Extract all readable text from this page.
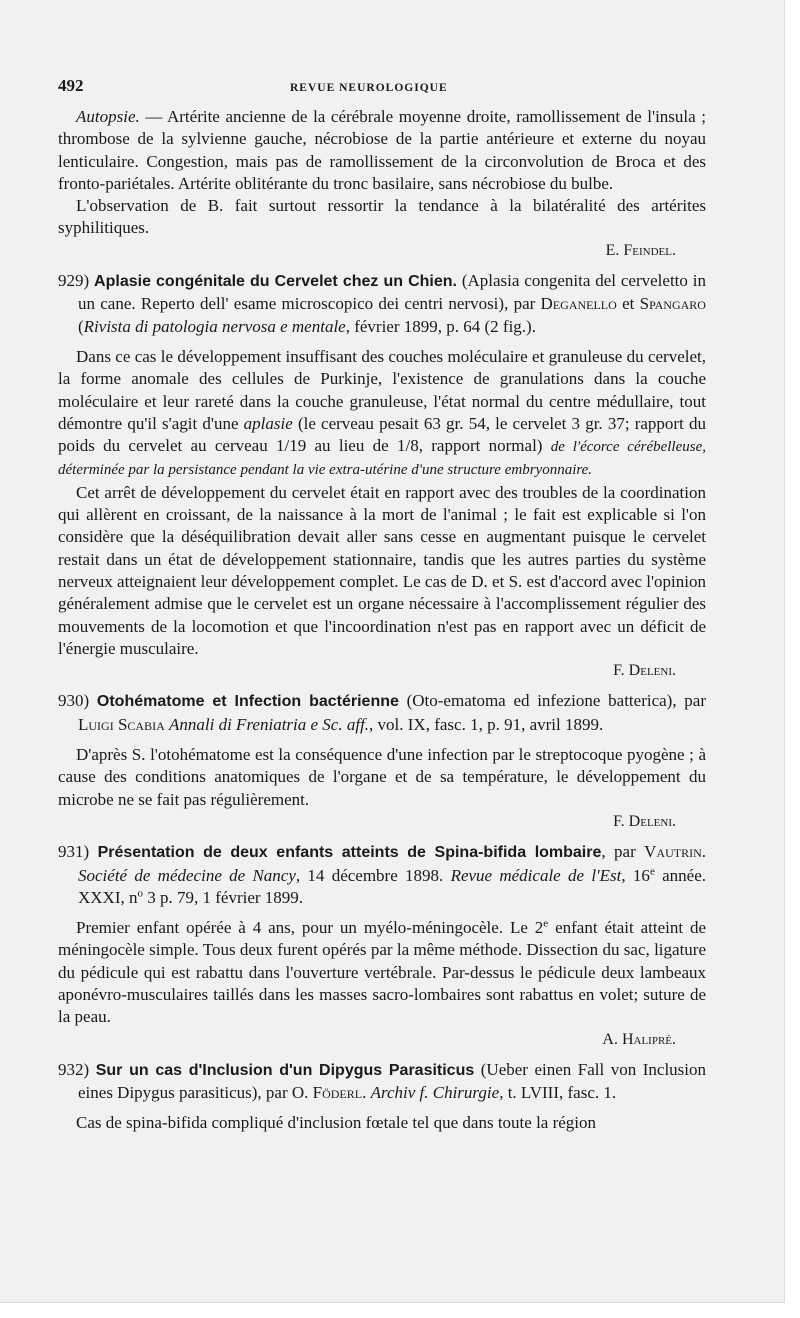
492	REVUE NEUROLOGIQUE

Autopsie. — Artérite ancienne de la cérébrale moyenne droite, ramollissement de l'insula ; thrombose de la sylvienne gauche, nécrobiose de la partie antérieure et externe du noyau lenticulaire. Congestion, mais pas de ramollissement de la circonvolution de Broca et des fronto-pariétales. Artérite oblitérante du tronc basilaire, sans nécrobiose du bulbe.

L'observation de B. fait surtout ressortir la tendance à la bilatéralité des artérites syphilitiques.

E. Feindel.

929) Aplasie congénitale du Cervelet chez un Chien. (Aplasia congenita del cerveletto in un cane. Reperto dell' esame microscopico dei centri nervosi), par Deganello et Spangaro (Rivista di patologia nervosa e mentale, février 1899, p. 64 (2 fig.).

Dans ce cas le développement insuffisant des couches moléculaire et granuleuse du cervelet, la forme anomale des cellules de Purkinje, l'existence de granulations dans la couche moléculaire et leur rareté dans la couche granuleuse, l'état normal du centre médullaire, tout démontre qu'il s'agit d'une aplasie (le cerveau pesait 63 gr. 54, le cervelet 3 gr. 37; rapport du poids du cervelet au cerveau 1/19 au lieu de 1/8, rapport normal) de l'écorce cérébelleuse, déterminée par la persistance pendant la vie extra-utérine d'une structure embryonnaire.

Cet arrêt de développement du cervelet était en rapport avec des troubles de la coordination qui allèrent en croissant, de la naissance à la mort de l'animal ; le fait est explicable si l'on considère que la déséquilibration devait aller sans cesse en augmentant puisque le cervelet restait dans un état de développement stationnaire, tandis que les autres parties du système nerveux atteignaient leur développement complet. Le cas de D. et S. est d'accord avec l'opinion généralement admise que le cervelet est un organe nécessaire à l'accomplissement régulier des mouvements de la locomotion et que l'incoordination n'est pas en rapport avec un déficit de l'énergie musculaire.

F. Deleni.

930) Otohématome et Infection bactérienne (Oto-ematoma ed infezione batterica), par Luigi Scabia Annali di Freniatria e Sc. aff., vol. IX, fasc. 1, p. 91, avril 1899.

D'après S. l'otohématome est la conséquence d'une infection par le streptocoque pyogène ; à cause des conditions anatomiques de l'organe et de sa température, le développement du microbe ne se fait pas régulièrement.

F. Deleni.

931) Présentation de deux enfants atteints de Spina-bifida lombaire, par Vautrin. Société de médecine de Nancy, 14 décembre 1898. Revue médicale de l'Est, 16e année. XXXI, $n^o$ 3 p. 79, 1 février 1899.

Premier enfant opérée à 4 ans, pour un myélo-méningocèle. Le 2e enfant était atteint de méningocèle simple. Tous deux furent opérés par la même méthode. Dissection du sac, ligature du pédicule qui est rabattu dans l'ouverture vertébrale. Par-dessus le pédicule deux lambeaux aponévro-musculaires taillés dans les masses sacro-lombaires sont rabattus en volet; suture de la peau.

A. Halipré.

932) Sur un cas d'Inclusion d'un Dipygus Parasiticus (Ueber einen Fall von Inclusion eines Dipygus parasiticus), par O. Föderl. Archiv f. Chirurgie, t. LVIII, fasc. 1.

Cas de spina-bifida compliqué d'inclusion fœtale tel que dans toute la région
